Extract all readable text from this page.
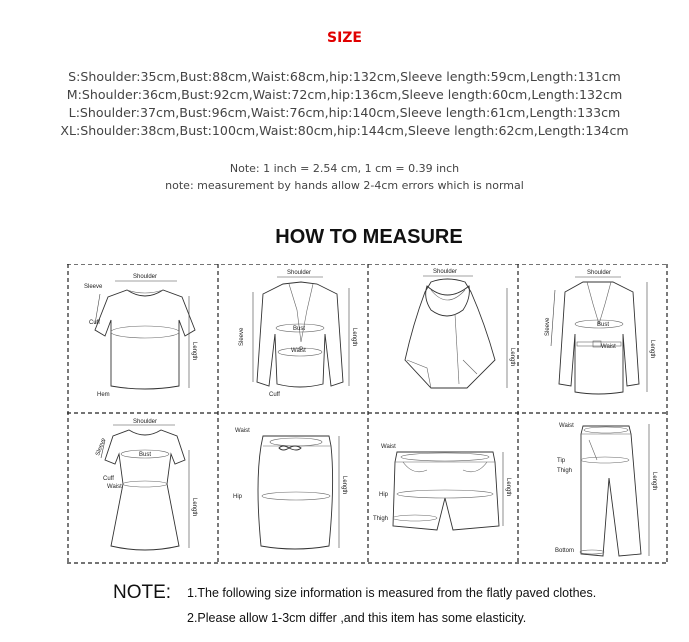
SIZE
S:Shoulder:35cm,Bust:88cm,Waist:68cm,hip:132cm,Sleeve length:59cm,Length:131cm
M:Shoulder:36cm,Bust:92cm,Waist:72cm,hip:136cm,Sleeve length:60cm,Length:132cm
L:Shoulder:37cm,Bust:96cm,Waist:76cm,hip:140cm,Sleeve length:61cm,Length:133cm
XL:Shoulder:38cm,Bust:100cm,Waist:80cm,hip:144cm,Sleeve length:62cm,Length:134cm
Note: 1 inch = 2.54 cm, 1 cm = 0.39 inch
note: measurement by hands allow 2-4cm errors which is normal
HOW TO MEASURE
Shoulder
Sleeve
Cuff
Length
Hem
Shoulder
Bust
Waist
Sleeve	Length
Cuff
Shoulder
Length
Shoulder
Bust
Waist
Sleeve
Length
Shoulder
Bust
Sleeve
Cuff
Waist
Length
Waist
Hip
Length
Waist
Hip
Thigh
Length
Waist
Tip
Thigh
Bottom
Length
NOTE: 1.The following size information is measured from the flatly paved clothes.
2.Please allow 1-3cm differ ,and this item has some elasticity.
